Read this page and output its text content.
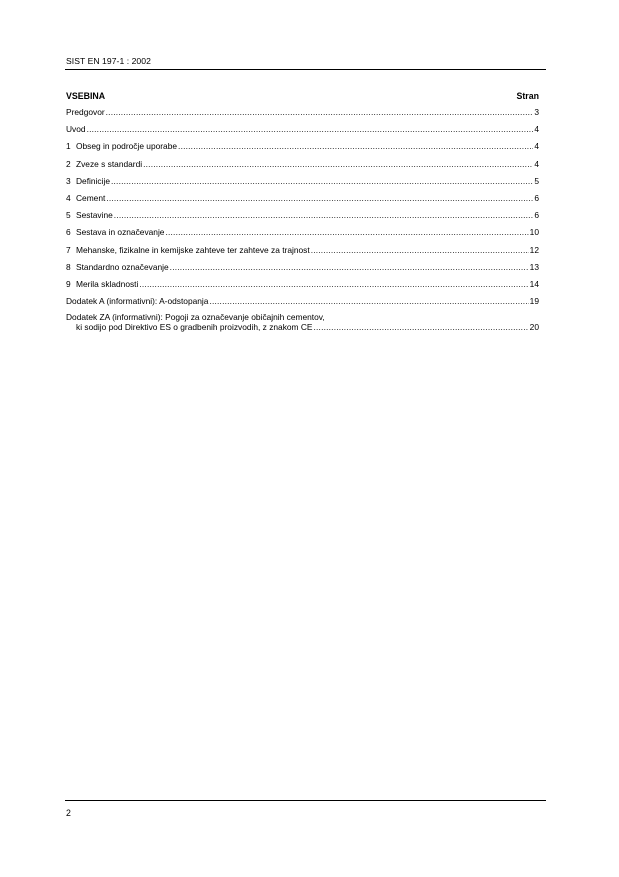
SIST EN 197-1 : 2002
VSEBINA	Stran
Predgovor .....	3
Uvod .....	4
1 Obseg in področje uporabe .....	4
2 Zveze s standardi .....	4
3 Definicije .....	5
4 Cement .....	6
5 Sestavine .....	6
6 Sestava in označevanje .....	10
7 Mehanske, fizikalne in kemijske zahteve ter zahteve za trajnost .....	12
8 Standardno označevanje .....	13
9 Merila skladnosti .....	14
Dodatek A (informativni): A-odstopanja .....	19
Dodatek ZA (informativni): Pogoji za označevanje običajnih cementov,
ki sodijo pod Direktivo ES o gradbenih proizvodih, z znakom CE .....	20
2
